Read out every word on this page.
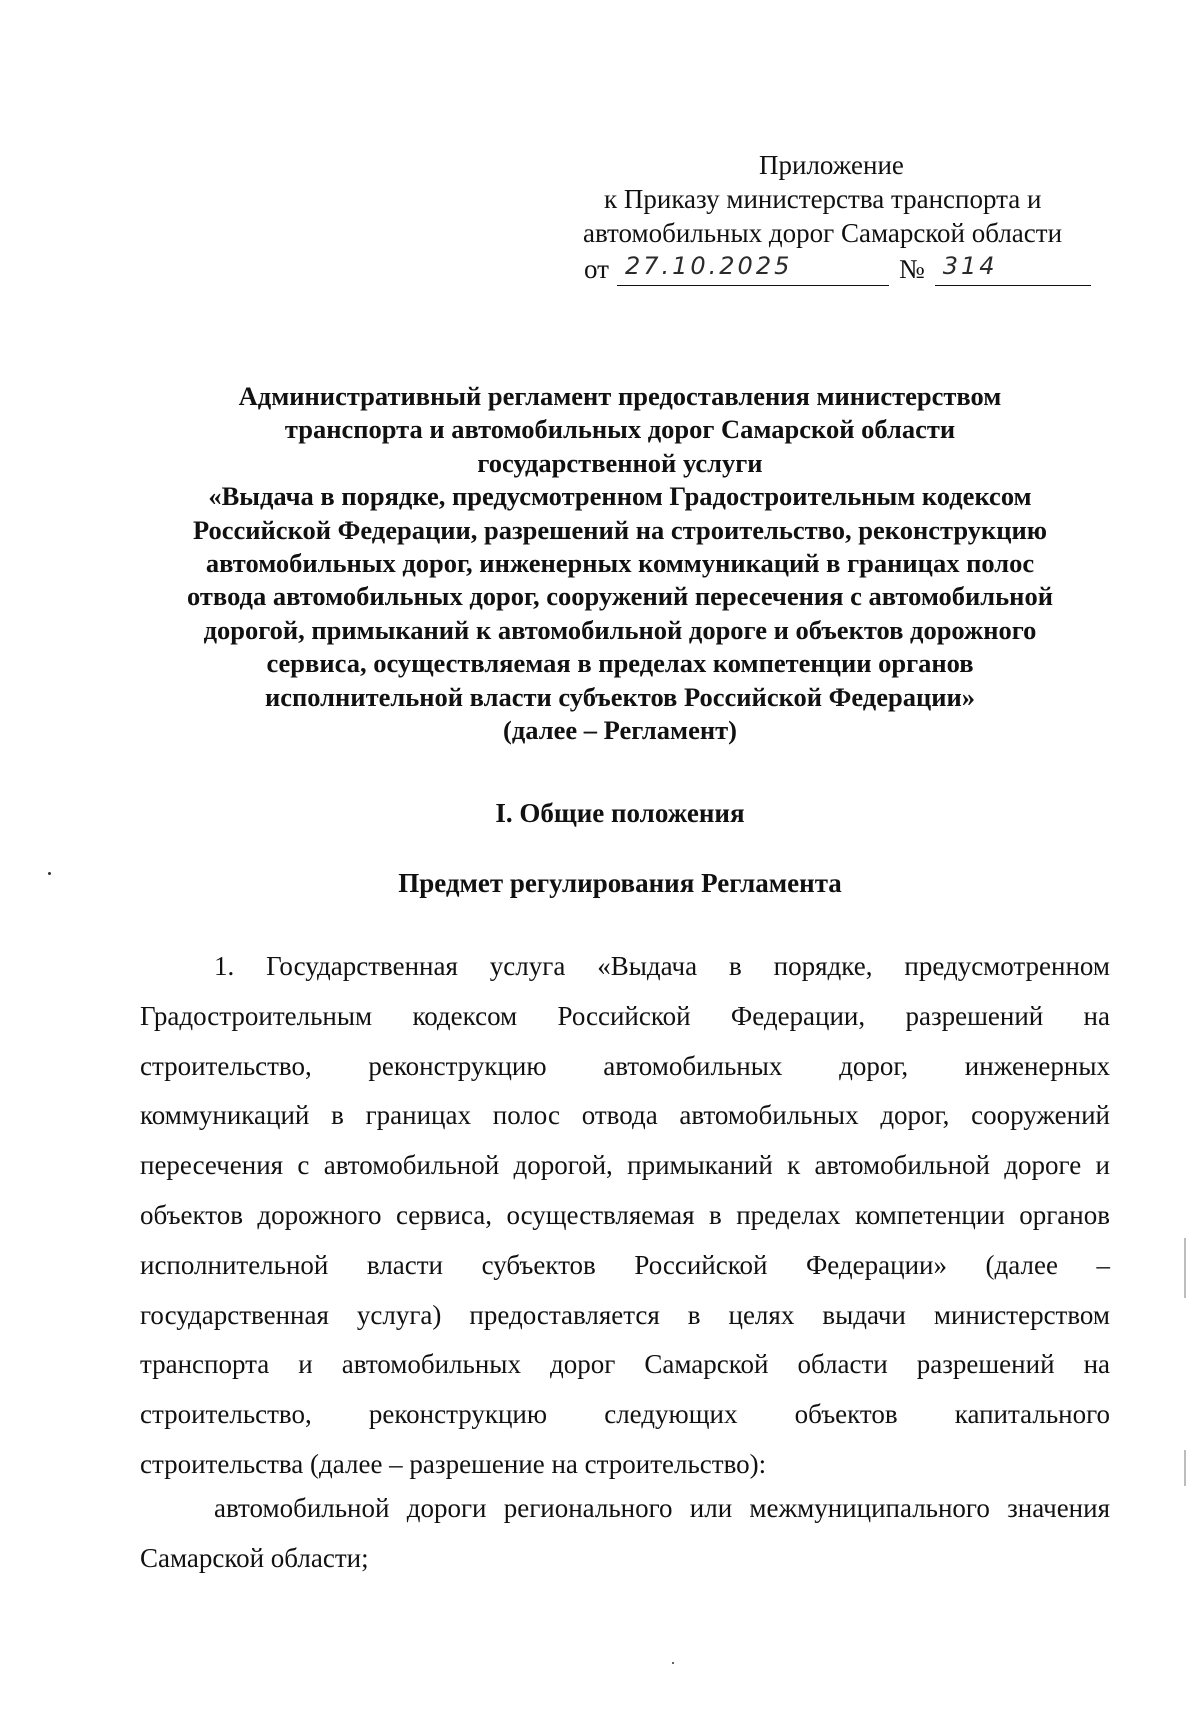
Приложение
к Приказу министерства транспорта и
автомобильных дорог Самарской области
от 27.10.2025	№ 314
Административный регламент предоставления министерством
транспорта и автомобильных дорог Самарской области
государственной услуги
«Выдача в порядке, предусмотренном Градостроительным кодексом
Российской Федерации, разрешений на строительство, реконструкцию
автомобильных дорог, инженерных коммуникаций в границах полос
отвода автомобильных дорог, сооружений пересечения с автомобильной
дорогой, примыканий к автомобильной дороге и объектов дорожного
сервиса, осуществляемая в пределах компетенции органов
исполнительной власти субъектов Российской Федерации»
(далее – Регламент)
I. Общие положения
Предмет регулирования Регламента
1. Государственная услуга «Выдача в порядке, предусмотренном
Градостроительным кодексом Российской Федерации, разрешений на
строительство, реконструкцию автомобильных дорог, инженерных
коммуникаций в границах полос отвода автомобильных дорог, сооружений
пересечения с автомобильной дорогой, примыканий к автомобильной дороге и
объектов дорожного сервиса, осуществляемая в пределах компетенции органов
исполнительной власти субъектов Российской Федерации» (далее –
государственная услуга) предоставляется в целях выдачи министерством
транспорта и автомобильных дорог Самарской области разрешений на
строительство, реконструкцию следующих объектов капитального
строительства (далее – разрешение на строительство):
автомобильной дороги регионального или межмуниципального значения
Самарской области;
